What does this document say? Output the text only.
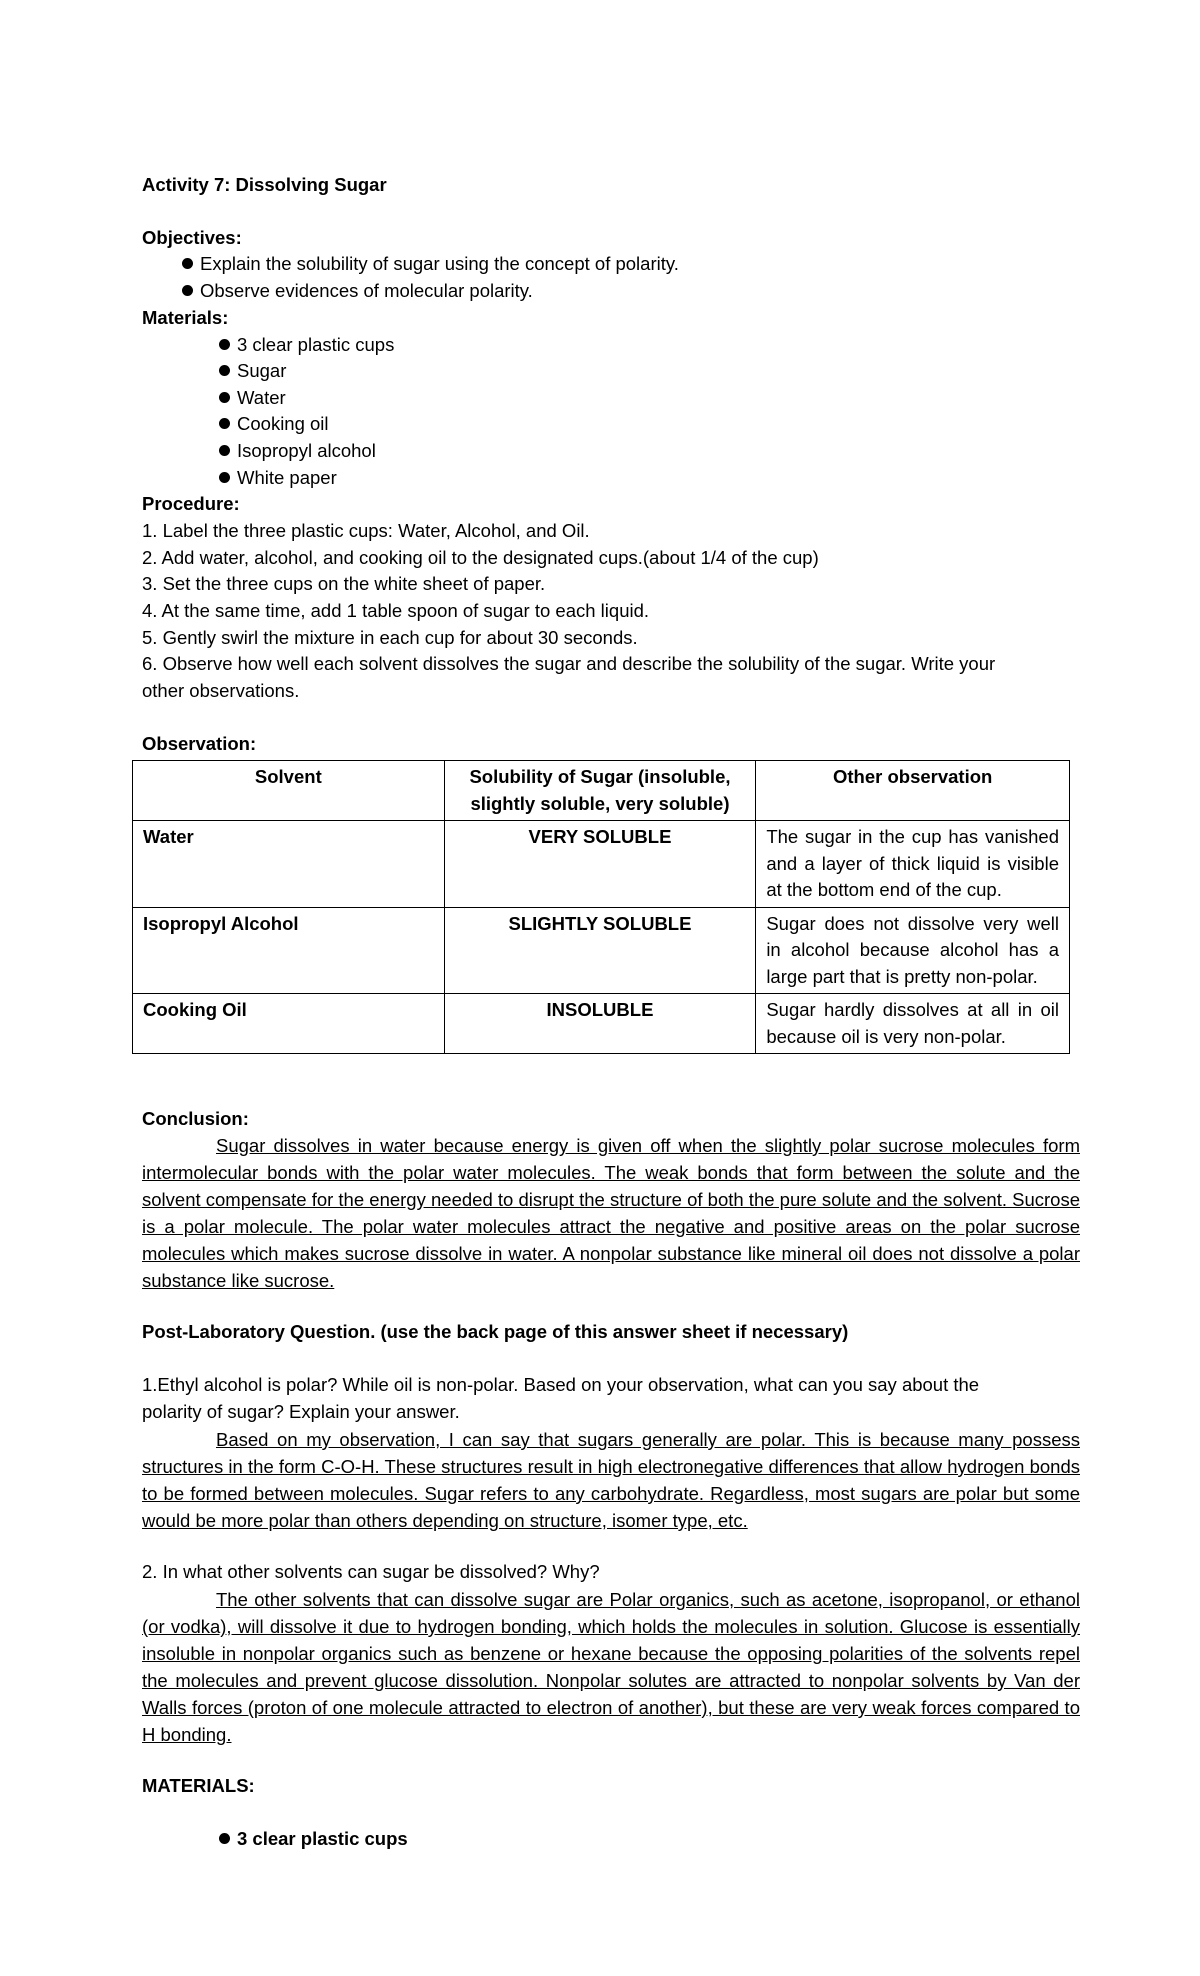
Activity 7: Dissolving Sugar
Objectives:
Explain the solubility of sugar using the concept of polarity.
Observe evidences of molecular polarity.
Materials:
3 clear plastic cups
Sugar
Water
Cooking oil
Isopropyl alcohol
White paper
Procedure:
1. Label the three plastic cups: Water, Alcohol, and Oil.
2. Add water, alcohol, and cooking oil to the designated cups.(about 1/4 of the cup)
3. Set the three cups on the white sheet of paper.
4. At the same time, add 1 table spoon of sugar to each liquid.
5. Gently swirl the mixture in each cup for about 30 seconds.
6. Observe how well each solvent dissolves the sugar and describe the solubility of the sugar. Write your
other observations.
Observation:
Solvent	Solubility of Sugar (insoluble, slightly soluble, very soluble)	Other observation
Water	VERY SOLUBLE	The sugar in the cup has vanished and a layer of thick liquid is visible at the bottom end of the cup.
Isopropyl Alcohol	SLIGHTLY SOLUBLE	Sugar does not dissolve very well in alcohol because alcohol has a large part that is pretty non-polar.
Cooking Oil	INSOLUBLE	Sugar hardly dissolves at all in oil because oil is very non-polar.
Conclusion:
Sugar dissolves in water because energy is given off when the slightly polar sucrose molecules form intermolecular bonds with the polar water molecules. The weak bonds that form between the solute and the solvent compensate for the energy needed to disrupt the structure of both the pure solute and the solvent. Sucrose is a polar molecule. The polar water molecules attract the negative and positive areas on the polar sucrose molecules which makes sucrose dissolve in water. A nonpolar substance like mineral oil does not dissolve a polar substance like sucrose.
Post-Laboratory Question. (use the back page of this answer sheet if necessary)
1.Ethyl alcohol is polar? While oil is non-polar. Based on your observation, what can you say about the
polarity of sugar? Explain your answer.
Based on my observation, I can say that sugars generally are polar. This is because many possess structures in the form C-O-H. These structures result in high electronegative differences that allow hydrogen bonds to be formed between molecules. Sugar refers to any carbohydrate. Regardless, most sugars are polar but some would be more polar than others depending on structure, isomer type, etc.
2. In what other solvents can sugar be dissolved? Why?
The other solvents that can dissolve sugar are Polar organics, such as acetone, isopropanol, or ethanol (or vodka), will dissolve it due to hydrogen bonding, which holds the molecules in solution. Glucose is essentially insoluble in nonpolar organics such as benzene or hexane because the opposing polarities of the solvents repel the molecules and prevent glucose dissolution. Nonpolar solutes are attracted to nonpolar solvents by Van der Walls forces (proton of one molecule attracted to electron of another), but these are very weak forces compared to H bonding.
MATERIALS:
3 clear plastic cups
